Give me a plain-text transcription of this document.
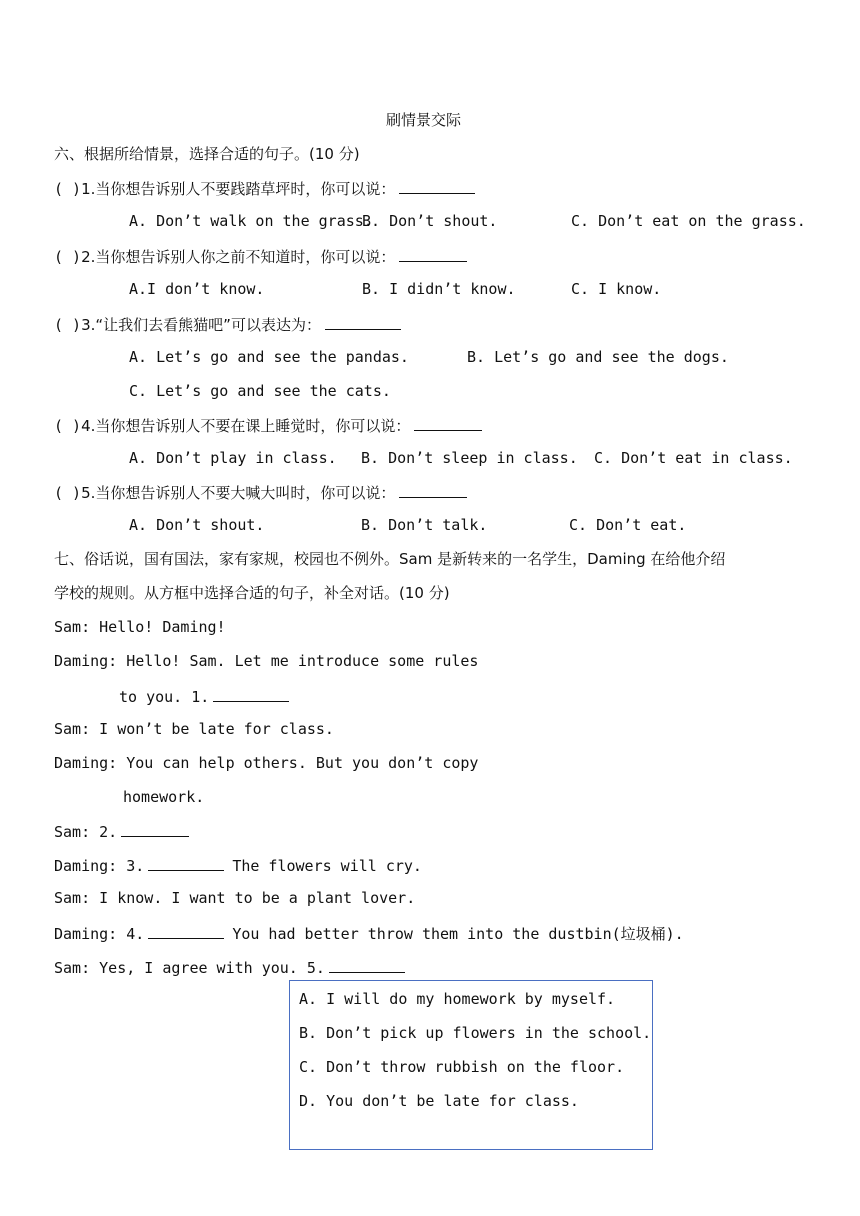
刷情景交际
六、根据所给情景，选择合适的句子。(10 分)
( )1.当你想告诉别人不要践踏草坪时，你可以说：
A. Don’t walk on the grass.
B. Don’t shout.	C. Don’t eat on the grass.
( )2.当你想告诉别人你之前不知道时，你可以说：
A.I don’t know.	B. I didn’t know.	C. I know.
( )3.“让我们去看熊猫吧”可以表达为：
A. Let’s go and see the pandas.	B. Let’s go and see the dogs.
C. Let’s go and see the cats.
( )4.当你想告诉别人不要在课上睡觉时，你可以说：
A. Don’t play in class. B. Don’t sleep in class. C. Don’t eat in class.
( )5.当你想告诉别人不要大喊大叫时，你可以说：
A. Don’t shout.	B. Don’t talk.	C. Don’t eat.
七、俗话说，国有国法，家有家规，校园也不例外。Sam 是新转来的一名学生，Daming 在给他介绍
学校的规则。从方框中选择合适的句子，补全对话。(10 分)
Sam: Hello! Daming!
Daming: Hello! Sam. Let me introduce some rules
to you. 1.
Sam: I won’t be late for class.
Daming: You can help others. But you don’t copy
homework.
Sam: 2.
Daming: 3.	The flowers will cry.
Sam: I know. I want to be a plant lover.
Daming: 4.	You had better throw them into the dustbin(垃圾桶).
Sam: Yes, I agree with you. 5.
A. I will do my homework by myself.
B. Don’t pick up flowers in the school.
C. Don’t throw rubbish on the floor.
D. You don’t be late for class.
